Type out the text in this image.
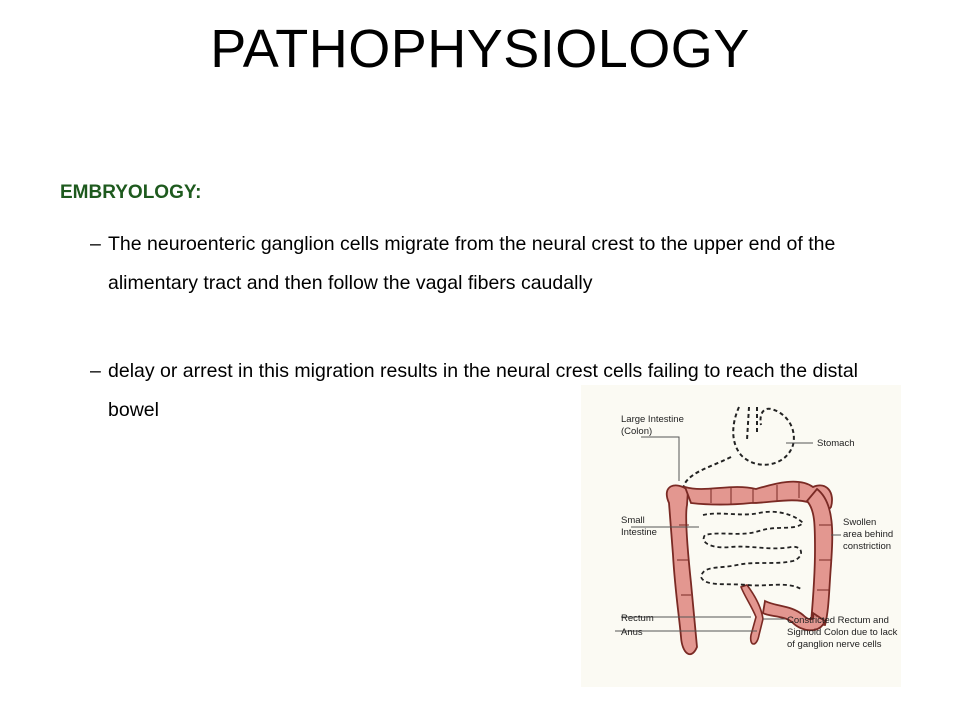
PATHOPHYSIOLOGY
EMBRYOLOGY:
– The neuroenteric ganglion cells migrate from the neural crest to the upper end of the alimentary tract and then follow the vagal fibers caudally
– delay or arrest in this migration results in the neural crest cells failing to reach the distal bowel	Large Intestine (Colon)
Stomach
Small Intestine
Swollen area behind constriction
Rectum
Anus
Constricted Rectum and Sigmoid Colon due to lack of ganglion nerve cells
